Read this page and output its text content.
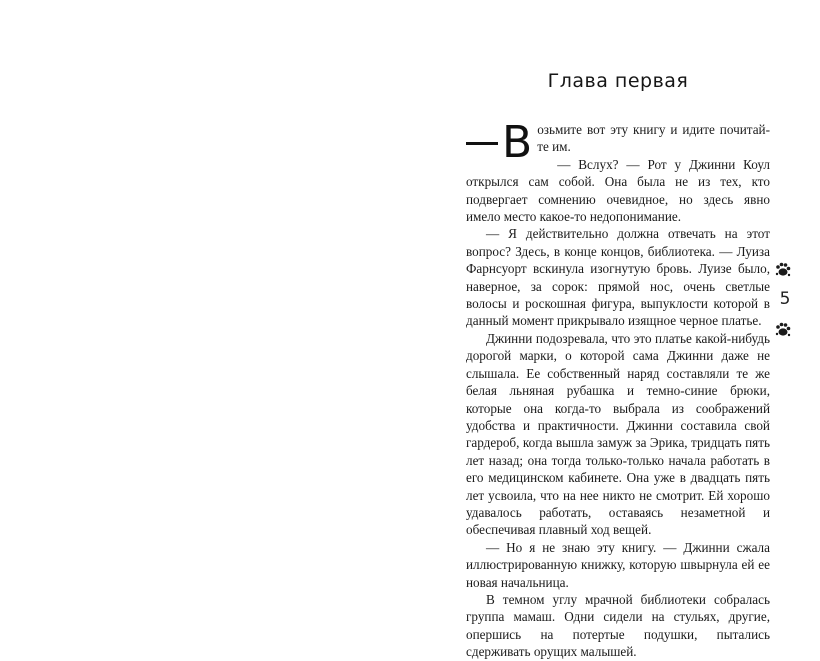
Глава первая

В озьмите вот эту книгу и идите почитай-те им.

— Вслух? — Рот у Джинни Коул открылся сам собой. Она была не из тех, кто подвергает сомнению очевидное, но здесь явно имело место какое-то недопонимание.

— Я действительно должна отвечать на этот вопрос? Здесь, в конце концов, библиотека. — Луиза Фарнсуорт вскинула изогнутую бровь. Луизе было, наверное, за сорок: прямой нос, очень светлые волосы и роскошная фигура, выпуклости которой в данный момент прикрывало изящное черное платье.

Джинни подозревала, что это платье какой-нибудь дорогой марки, о которой сама Джинни даже не слышала. Ее собственный наряд составляли те же белая льняная рубашка и темно-синие брюки, которые она когда-то выбрала из соображений удобства и практичности. Джинни составила свой гардероб, когда вышла замуж за Эрика, тридцать пять лет назад; она тогда только-только начала работать в его медицинском кабинете. Она уже в двадцать пять лет усвоила, что на нее никто не смотрит. Ей хорошо удавалось работать, оставаясь незаметной и обеспечивая плавный ход вещей.

— Но я не знаю эту книгу. — Джинни сжала иллюстрированную книжку, которую швырнула ей ее новая начальница.

В темном углу мрачной библиотеки собралась группа мамаш. Одни сидели на стульях, другие, опершись на потертые подушки, пытались сдерживать орущих малышей.

5
